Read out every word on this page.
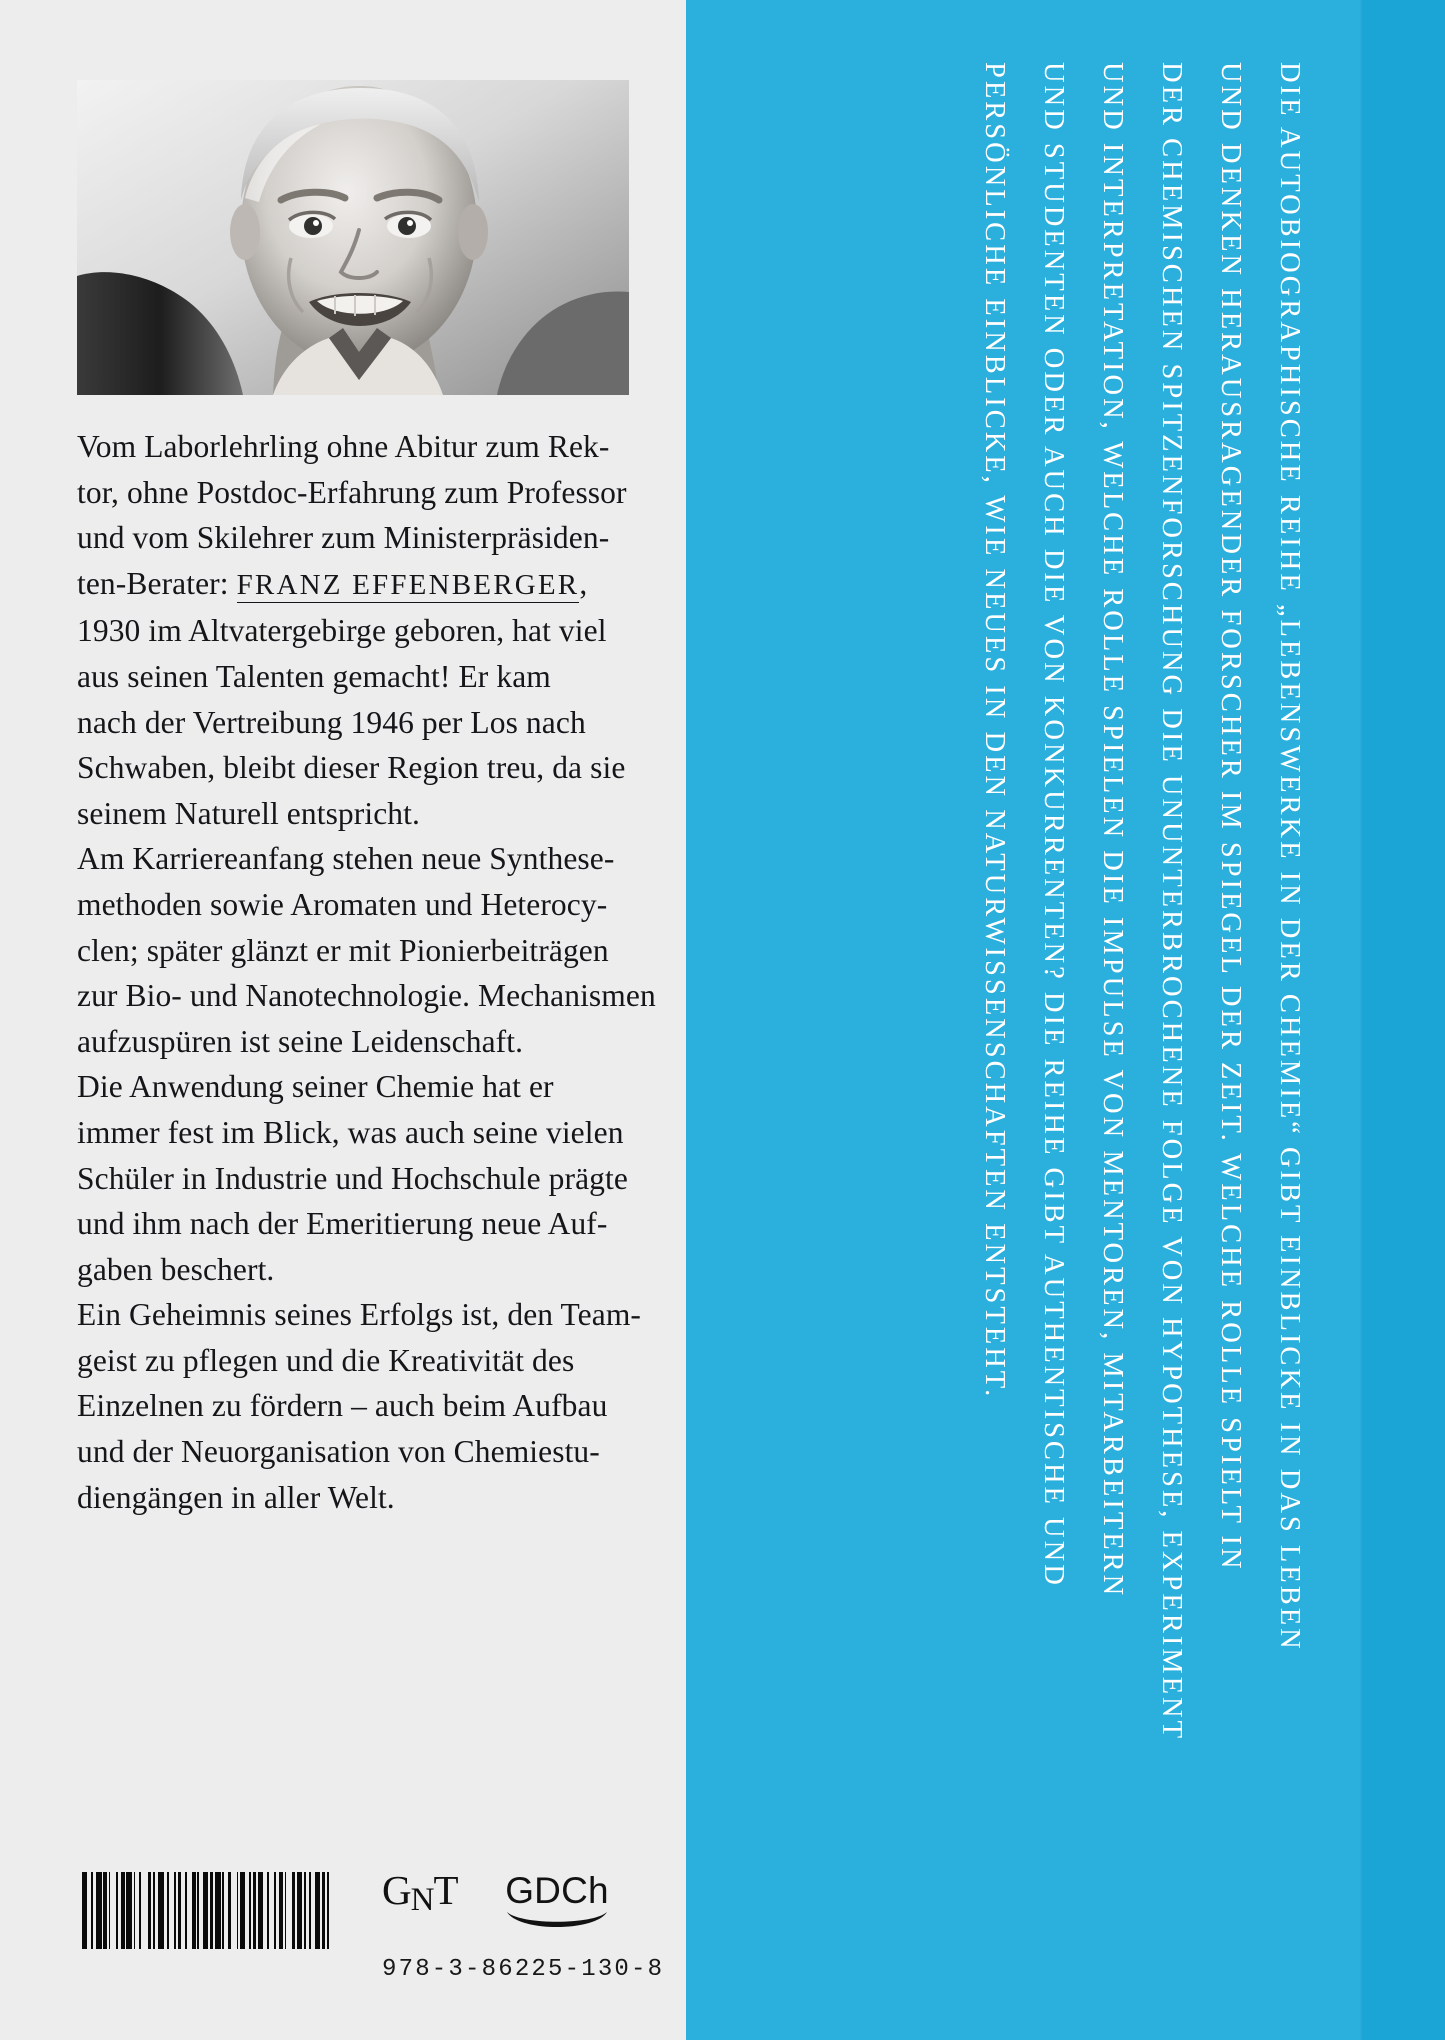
Vom Laborlehrling ohne Abitur zum Rek-
tor, ohne Postdoc-Erfahrung zum Professor
und vom Skilehrer zum Ministerpräsiden-
ten-Berater: FRANZ EFFENBERGER,
1930 im Altvatergebirge geboren, hat viel
aus seinen Talenten gemacht! Er kam
nach der Vertreibung 1946 per Los nach
Schwaben, bleibt dieser Region treu, da sie
seinem Naturell entspricht.
Am Karriereanfang stehen neue Synthese-
methoden sowie Aromaten und Heterocy-
clen; später glänzt er mit Pionierbeiträgen
zur Bio- und Nanotechnologie. Mechanismen
aufzuspüren ist seine Leidenschaft.
Die Anwendung seiner Chemie hat er
immer fest im Blick, was auch seine vielen
Schüler in Industrie und Hochschule prägte
und ihm nach der Emeritierung neue Auf-
gaben beschert.
Ein Geheimnis seines Erfolgs ist, den Team-
geist zu pflegen und die Kreativität des
Einzelnen zu fördern – auch beim Aufbau
und der Neuorganisation von Chemiestu-
diengängen in aller Welt.

GNT GDCh
978-3-86225-130-8
DIE AUTOBIOGRAPHISCHE REIHE „LEBENSWERKE IN DER CHEMIE“ GIBT EINBLICKE IN DAS LEBEN
UND DENKEN HERAUSRAGENDER FORSCHER IM SPIEGEL DER ZEIT. WELCHE ROLLE SPIELT IN
DER CHEMISCHEN SPITZENFORSCHUNG DIE UNUNTERBROCHENE FOLGE VON HYPOTHESE, EXPERIMENT
UND INTERPRETATION, WELCHE ROLLE SPIELEN DIE IMPULSE VON MENTOREN, MITARBEITERN
UND STUDENTEN ODER AUCH DIE VON KONKURRENTEN? DIE REIHE GIBT AUTHENTISCHE UND
PERSÖNLICHE EINBLICKE, WIE NEUES IN DEN NATURWISSENSCHAFTEN ENTSTEHT.
